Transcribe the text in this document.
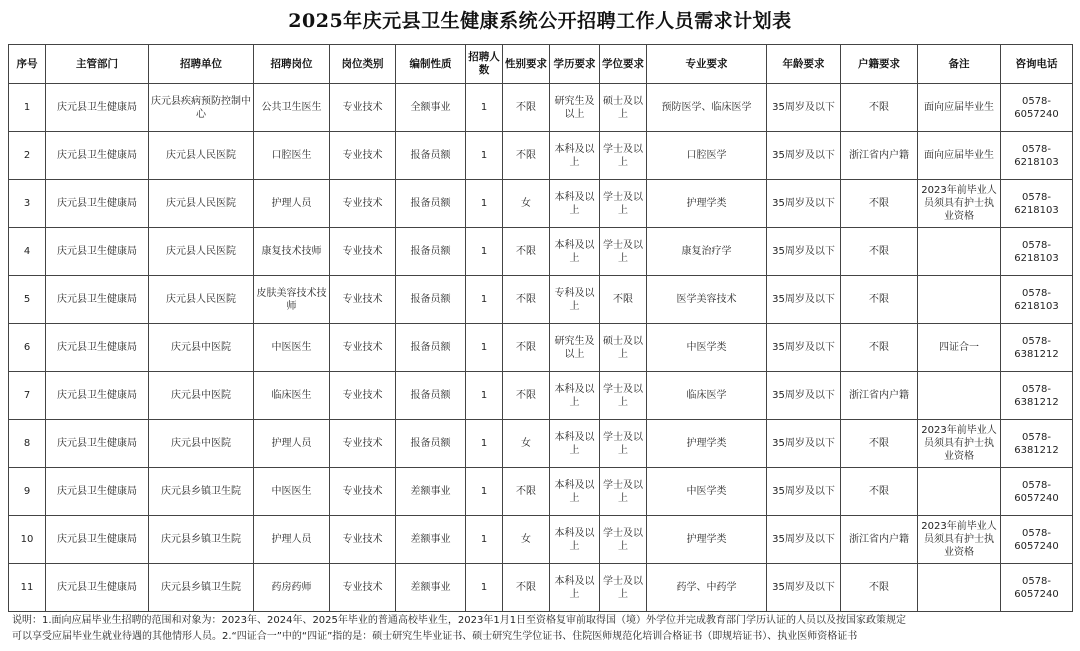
2025年庆元县卫生健康系统公开招聘工作人员需求计划表
序号	主管部门	招聘单位	招聘岗位	岗位类别	编制性质	招聘人数	性别要求	学历要求	学位要求	专业要求	年龄要求	户籍要求	备注	咨询电话
1	庆元县卫生健康局	庆元县疾病预防控制中心	公共卫生医生	专业技术	全额事业	1	不限	研究生及以上	硕士及以上	预防医学、临床医学	35周岁及以下	不限	面向应届毕业生	0578-6057240
2	庆元县卫生健康局	庆元县人民医院	口腔医生	专业技术	报备员额	1	不限	本科及以上	学士及以上	口腔医学	35周岁及以下	浙江省内户籍	面向应届毕业生	0578-6218103
3	庆元县卫生健康局	庆元县人民医院	护理人员	专业技术	报备员额	1	女	本科及以上	学士及以上	护理学类	35周岁及以下	不限	2023年前毕业人员须具有护士执业资格	0578-6218103
4	庆元县卫生健康局	庆元县人民医院	康复技术技师	专业技术	报备员额	1	不限	本科及以上	学士及以上	康复治疗学	35周岁及以下	不限		0578-6218103
5	庆元县卫生健康局	庆元县人民医院	皮肤美容技术技师	专业技术	报备员额	1	不限	专科及以上	不限	医学美容技术	35周岁及以下	不限		0578-6218103
6	庆元县卫生健康局	庆元县中医院	中医医生	专业技术	报备员额	1	不限	研究生及以上	硕士及以上	中医学类	35周岁及以下	不限	四证合一	0578-6381212
7	庆元县卫生健康局	庆元县中医院	临床医生	专业技术	报备员额	1	不限	本科及以上	学士及以上	临床医学	35周岁及以下	浙江省内户籍		0578-6381212
8	庆元县卫生健康局	庆元县中医院	护理人员	专业技术	报备员额	1	女	本科及以上	学士及以上	护理学类	35周岁及以下	不限	2023年前毕业人员须具有护士执业资格	0578-6381212
9	庆元县卫生健康局	庆元县乡镇卫生院	中医医生	专业技术	差额事业	1	不限	本科及以上	学士及以上	中医学类	35周岁及以下	不限		0578-6057240
10	庆元县卫生健康局	庆元县乡镇卫生院	护理人员	专业技术	差额事业	1	女	本科及以上	学士及以上	护理学类	35周岁及以下	浙江省内户籍	2023年前毕业人员须具有护士执业资格	0578-6057240
11	庆元县卫生健康局	庆元县乡镇卫生院	药房药师	专业技术	差额事业	1	不限	本科及以上	学士及以上	药学、中药学	35周岁及以下	不限		0578-6057240
说明：1.面向应届毕业生招聘的范围和对象为：2023年、2024年、2025年毕业的普通高校毕业生，2023年1月1日至资格复审前取得国（境）外学位并完成教育部门学历认证的人员以及按国家政策规定
可以享受应届毕业生就业待遇的其他情形人员。2.“四证合一”中的“四证”指的是：硕士研究生毕业证书、硕士研究生学位证书、住院医师规范化培训合格证书（即规培证书）、执业医师资格证书
